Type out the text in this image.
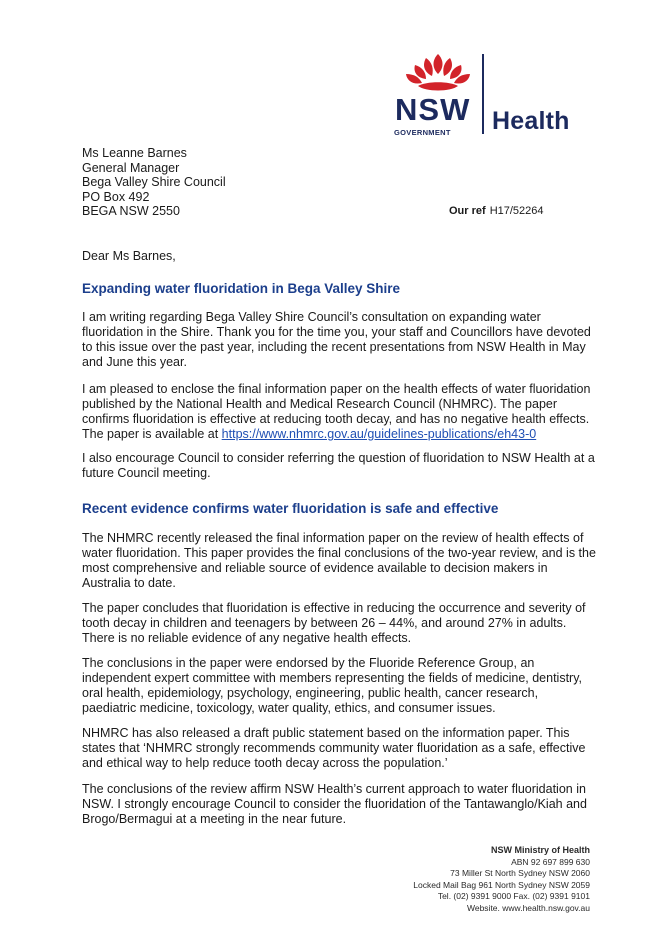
NSW
GOVERNMENT Health
Ms Leanne Barnes
General Manager
Bega Valley Shire Council
PO Box 492
BEGA NSW 2550	Our ref H17/52264
Dear Ms Barnes,
Expanding water fluoridation in Bega Valley Shire
I am writing regarding Bega Valley Shire Council’s consultation on expanding water
fluoridation in the Shire. Thank you for the time you, your staff and Councillors have devoted
to this issue over the past year, including the recent presentations from NSW Health in May
and June this year.
I am pleased to enclose the final information paper on the health effects of water fluoridation
published by the National Health and Medical Research Council (NHMRC). The paper
confirms fluoridation is effective at reducing tooth decay, and has no negative health effects.
The paper is available at https://www.nhmrc.gov.au/guidelines-publications/eh43-0
I also encourage Council to consider referring the question of fluoridation to NSW Health at a
future Council meeting.
Recent evidence confirms water fluoridation is safe and effective
The NHMRC recently released the final information paper on the review of health effects of
water fluoridation. This paper provides the final conclusions of the two-year review, and is the
most comprehensive and reliable source of evidence available to decision makers in
Australia to date.
The paper concludes that fluoridation is effective in reducing the occurrence and severity of
tooth decay in children and teenagers by between 26 – 44%, and around 27% in adults.
There is no reliable evidence of any negative health effects.
The conclusions in the paper were endorsed by the Fluoride Reference Group, an
independent expert committee with members representing the fields of medicine, dentistry,
oral health, epidemiology, psychology, engineering, public health, cancer research,
paediatric medicine, toxicology, water quality, ethics, and consumer issues.
NHMRC has also released a draft public statement based on the information paper. This
states that ‘NHMRC strongly recommends community water fluoridation as a safe, effective
and ethical way to help reduce tooth decay across the population.’
The conclusions of the review affirm NSW Health’s current approach to water fluoridation in
NSW. I strongly encourage Council to consider the fluoridation of the Tantawanglo/Kiah and
Brogo/Bermagui at a meeting in the near future.
NSW Ministry of Health
ABN 92 697 899 630
73 Miller St North Sydney NSW 2060
Locked Mail Bag 961 North Sydney NSW 2059
Tel. (02) 9391 9000 Fax. (02) 9391 9101
Website. www.health.nsw.gov.au
